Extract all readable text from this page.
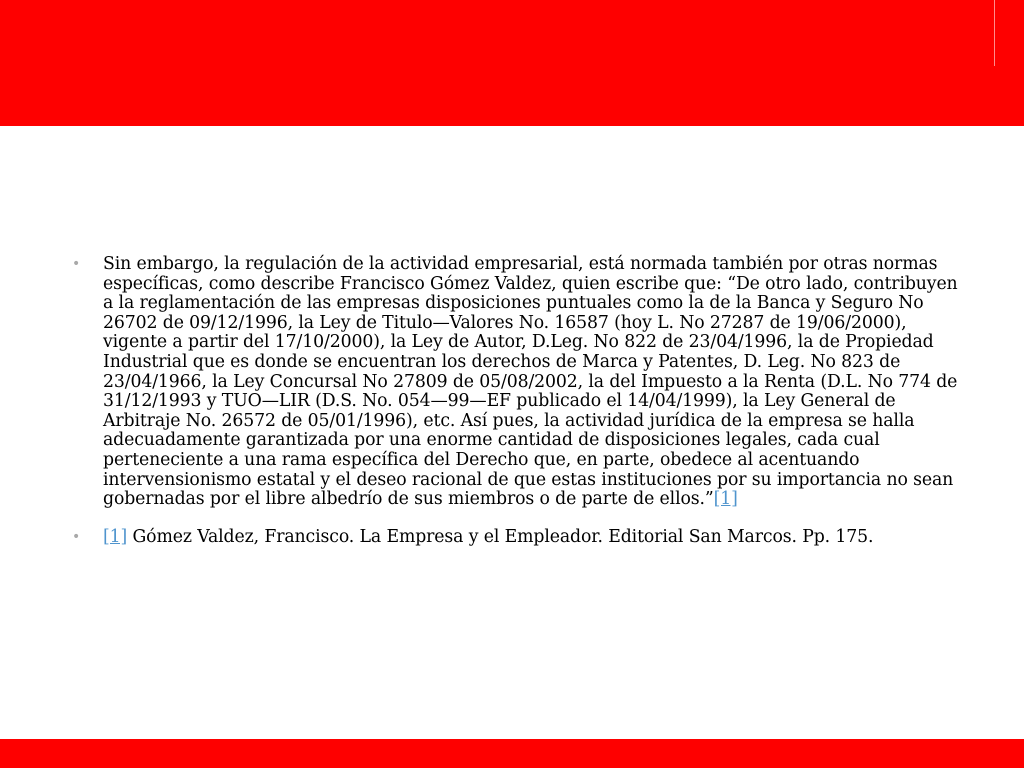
• Sin embargo, la regulación de la actividad empresarial, está normada también por otras normas específicas, como describe Francisco Gómez Valdez, quien escribe que: “De otro lado, contribuyen a la reglamentación de las empresas disposiciones puntuales como la de la Banca y Seguro No 26702 de 09/12/1996, la Ley de Titulo—Valores No. 16587 (hoy L. No 27287 de 19/06/2000), vigente a partir del 17/10/2000), la Ley de Autor, D.Leg. No 822 de 23/04/1996, la de Propiedad Industrial que es donde se encuentran los derechos de Marca y Patentes, D. Leg. No 823 de 23/04/1966, la Ley Concursal No 27809 de 05/08/2002, la del Impuesto a la Renta (D.L. No 774 de 31/12/1993 y TUO—LIR (D.S. No. 054—99—EF publicado el 14/04/1999), la Ley General de Arbitraje No. 26572 de 05/01/1996), etc. Así pues, la actividad jurídica de la empresa se halla adecuadamente garantizada por una enorme cantidad de disposiciones legales, cada cual perteneciente a una rama específica del Derecho que, en parte, obedece al acentuando intervensionismo estatal y el deseo racional de que estas instituciones por su importancia no sean gobernadas por el libre albedrío de sus miembros o de parte de ellos.”[1]
• [1] Gómez Valdez, Francisco. La Empresa y el Empleador. Editorial San Marcos. Pp. 175.
